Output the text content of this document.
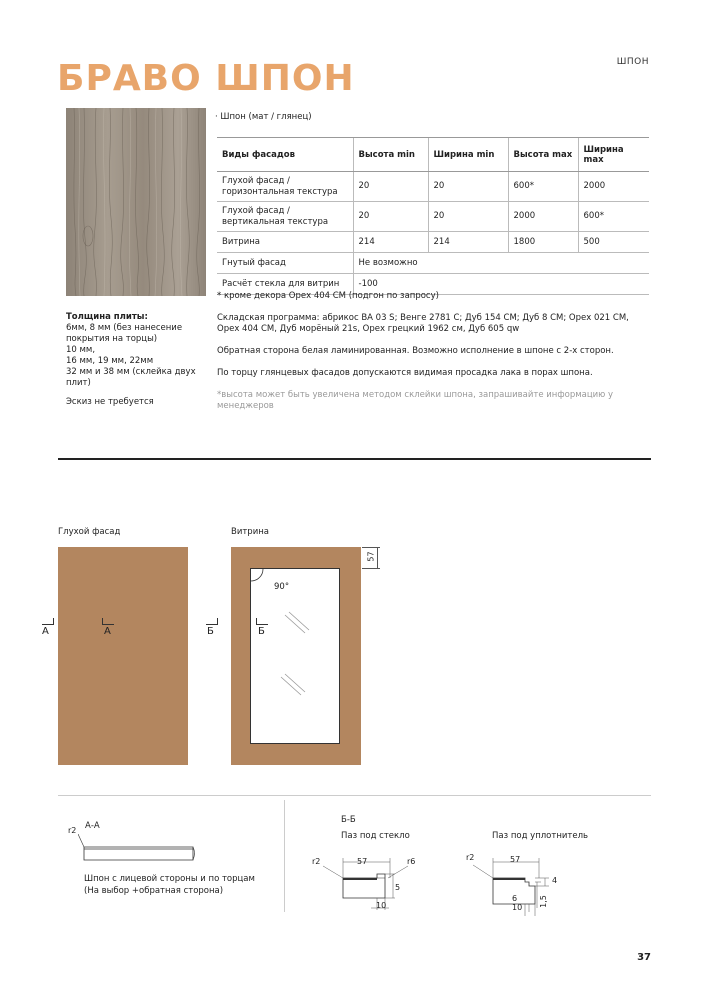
БРАВО ШПОН	ШПОН
Толщина плиты:
6мм, 8 мм (без нанесение покрытия на торцы)
10 мм,
16 мм, 19 мм, 22мм
32 мм и 38 мм (склейка двух плит)
Эскиз не требуется
· Шпон (мат / глянец)
Виды фасадов	Высота min	Ширина min	Высота max	Ширина max
Глухой фасад / горизонтальная текстура	20	20	600*	2000
Глухой фасад / вертикальная текстура	20	20	2000	600*
Витрина	214	214	1800	500
Гнутый фасад	Не возможно			
Расчёт стекла для витрин	-100			

* кроме декора Орех 404 СМ (подгон по запросу)

Складская программа: абрикос ВА 03 S; Венге 2781 C; Дуб 154 CM; Дуб 8 CM; Орех 021 CM, Орех 404 CM, Дуб морёный 21s, Орех грецкий 1962 см, Дуб 605 qw

Обратная сторона белая ламинированная. Возможно исполнение в шпоне с 2-х сторон.

По торцу глянцевых фасадов допускаются видимая просадка лака в порах шпона.

*высота может быть увеличена методом склейки шпона, запрашивайте информацию у менеджеров

Глухой фасад	Витрина
А	А
90°
57
Б	Б
А-А
r2
Шпон с лицевой стороны и по торцам
(На выбор +обратная сторона)
Б-Б
Паз под стекло	Паз под уплотнитель
r2	57	r6
5
10
r2	57
4
6
10 1,5
37
